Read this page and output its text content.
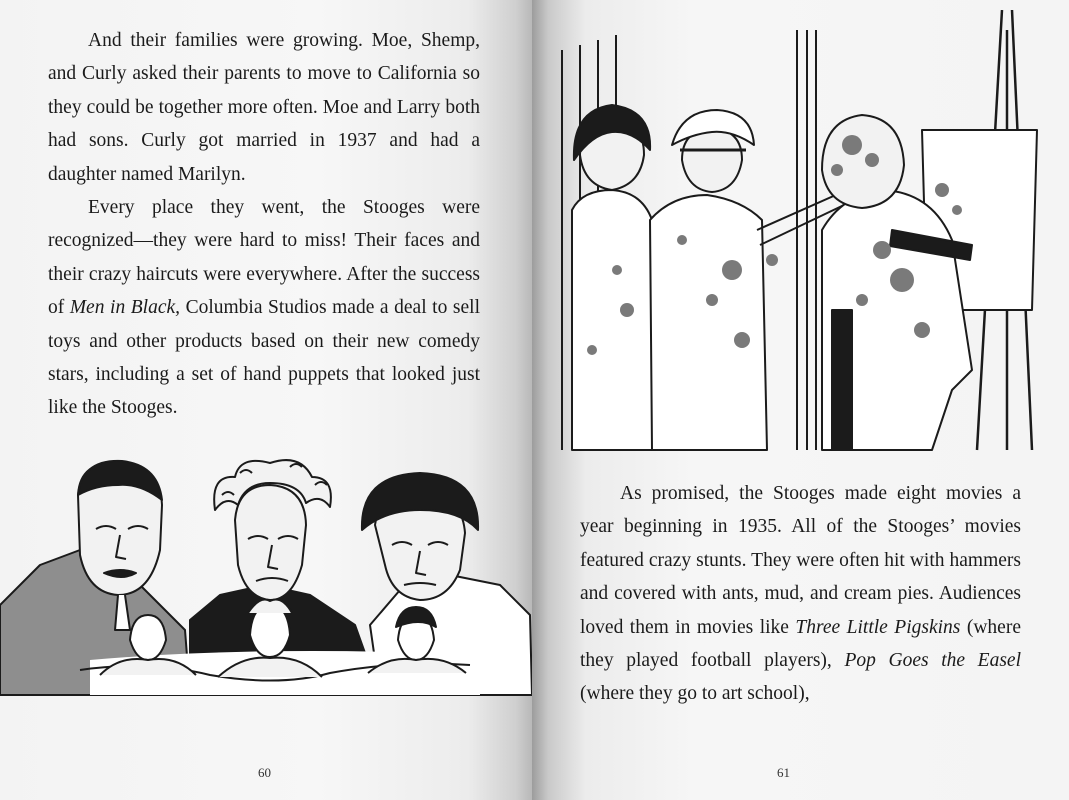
And their families were growing. Moe, Shemp, and Curly asked their parents to move to California so they could be together more often. Moe and Larry both had sons. Curly got married in 1937 and had a daughter named Marilyn.

Every place they went, the Stooges were recognized—they were hard to miss! Their faces and their crazy haircuts were everywhere. After the success of Men in Black, Columbia Studios made a deal to sell toys and other products based on their new comedy stars, including a set of hand puppets that looked just like the Stooges.

60

As promised, the Stooges made eight movies a year beginning in 1935. All of the Stooges’ movies featured crazy stunts. They were often hit with hammers and covered with ants, mud, and cream pies. Audiences loved them in movies like Three Little Pigskins (where they played football players), Pop Goes the Easel (where they go to art school),

61
